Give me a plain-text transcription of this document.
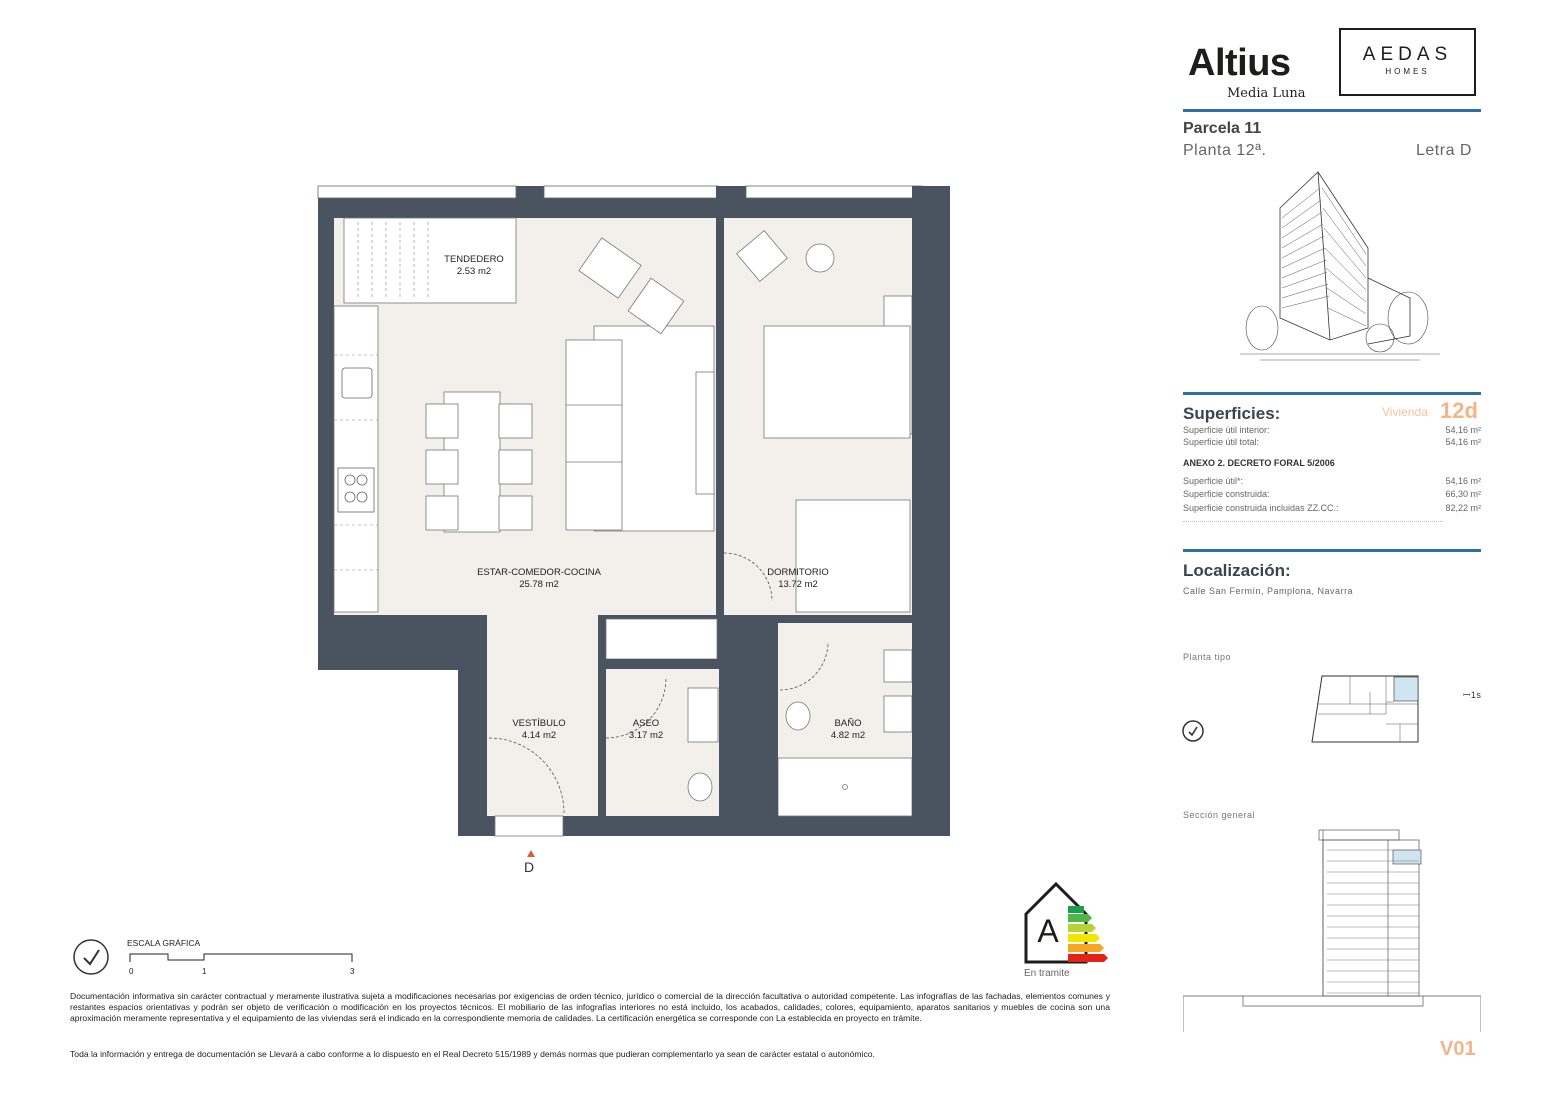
TENDEDERO
2.53 m2
ESTAR-COMEDOR-COCINA
25.78 m2
DORMITORIO
13.72 m2
VESTÍBULO
4.14 m2
ASEO
3.17 m2
BAÑO
4.82 m2
D
ESCALA GRÁFICA
0	1	3
A
En tramite
Documentación informativa sin carácter contractual y meramente ilustrativa sujeta a modificaciones necesarias por exigencias de orden técnico, jurídico o comercial de la dirección facultativa o autoridad competente. Las infografías de las fachadas, elementos comunes y restantes espacios orientativas y podrán ser objeto de verificación o modificación en los proyectos técnicos. El mobiliario de las infografías interiores no está incluido, los acabados, calidades, colores, equipamiento, aparatos sanitarios y muebles de cocina son una aproximación meramente representativa y el equipamiento de las viviendas será el indicado en la correspondiente memoria de calidades. La certificación energética se corresponde con La establecida en proyecto en trámite.
Toda la información y entrega de documentación se Llevará a cabo conforme a lo dispuesto en el Real Decreto 515/1989 y demás normas que pudieran complementarlo ya sean de carácter estatal o autonómico.
Altius
Media Luna
AEDAS
HOMES
Parcela 11
Planta 12ª.	Letra D
Superficies:	Vivienda 12d
Superficie útil interior:	54,16 m²
Superficie útil total:	54,16 m²
ANEXO 2. DECRETO FORAL 5/2006
Superficie útil*:	54,16 m²
Superficie construida:	66,30 m²
Superficie construida incluidas ZZ.CC.:	82,22 m²
Localización:
Calle San Fermín, Pamplona, Navarra
Planta tipo
ꟷ1s
Sección general
V01
